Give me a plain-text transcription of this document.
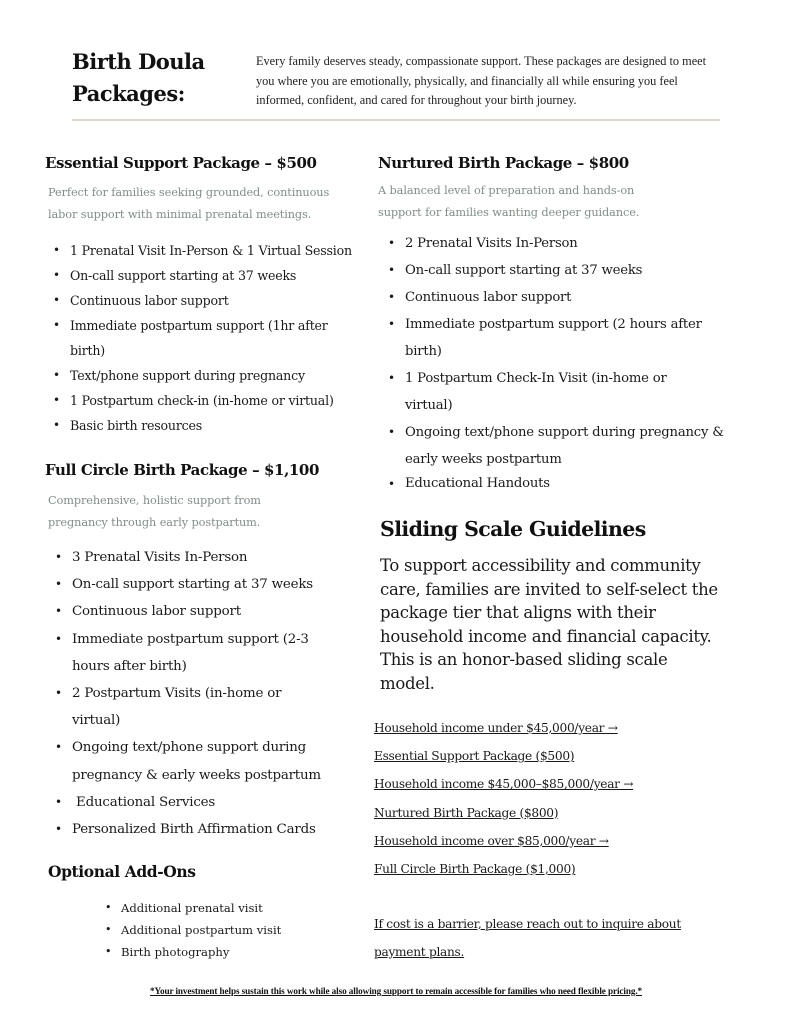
Birth Doula Packages:

Every family deserves steady, compassionate support. These packages are designed to meet you where you are emotionally, physically, and financially all while ensuring you feel informed, confident, and cared for throughout your birth journey.

Essential Support Package – $500

Perfect for families seeking grounded, continuous labor support with minimal prenatal meetings.

• 1 Prenatal Visit In-Person & 1 Virtual Session
• On-call support starting at 37 weeks
• Continuous labor support
• Immediate postpartum support (1hr after birth)
• Text/phone support during pregnancy
• 1 Postpartum check-in (in-home or virtual)
• Basic birth resources
Nurtured Birth Package – $800

A balanced level of preparation and hands-on support for families wanting deeper guidance.

• 2 Prenatal Visits In-Person
• On-call support starting at 37 weeks
• Continuous labor support
• Immediate postpartum support (2 hours after birth)
• 1 Postpartum Check-In Visit (in-home or virtual)
• Ongoing text/phone support during pregnancy & early weeks postpartum
• Educational Handouts
Full Circle Birth Package – $1,100

Comprehensive, holistic support from pregnancy through early postpartum.

• 3 Prenatal Visits In-Person
• On-call support starting at 37 weeks
• Continuous labor support
• Immediate postpartum support (2-3 hours after birth)
• 2 Postpartum Visits (in-home or virtual)
• Ongoing text/phone support during pregnancy & early weeks postpartum
• Educational Services
• Personalized Birth Affirmation Cards
Optional Add-Ons
• Additional prenatal visit
• Additional postpartum visit
• Birth photography
Sliding Scale Guidelines

To support accessibility and community care, families are invited to self-select the package tier that aligns with their household income and financial capacity. This is an honor-based sliding scale model.

Household income under $45,000/year →
Essential Support Package ($500)
Household income $45,000–$85,000/year →
Nurtured Birth Package ($800)
Household income over $85,000/year →
Full Circle Birth Package ($1,000)

If cost is a barrier, please reach out to inquire about payment plans.

*Your investment helps sustain this work while also allowing support to remain accessible for families who need flexible pricing.*
